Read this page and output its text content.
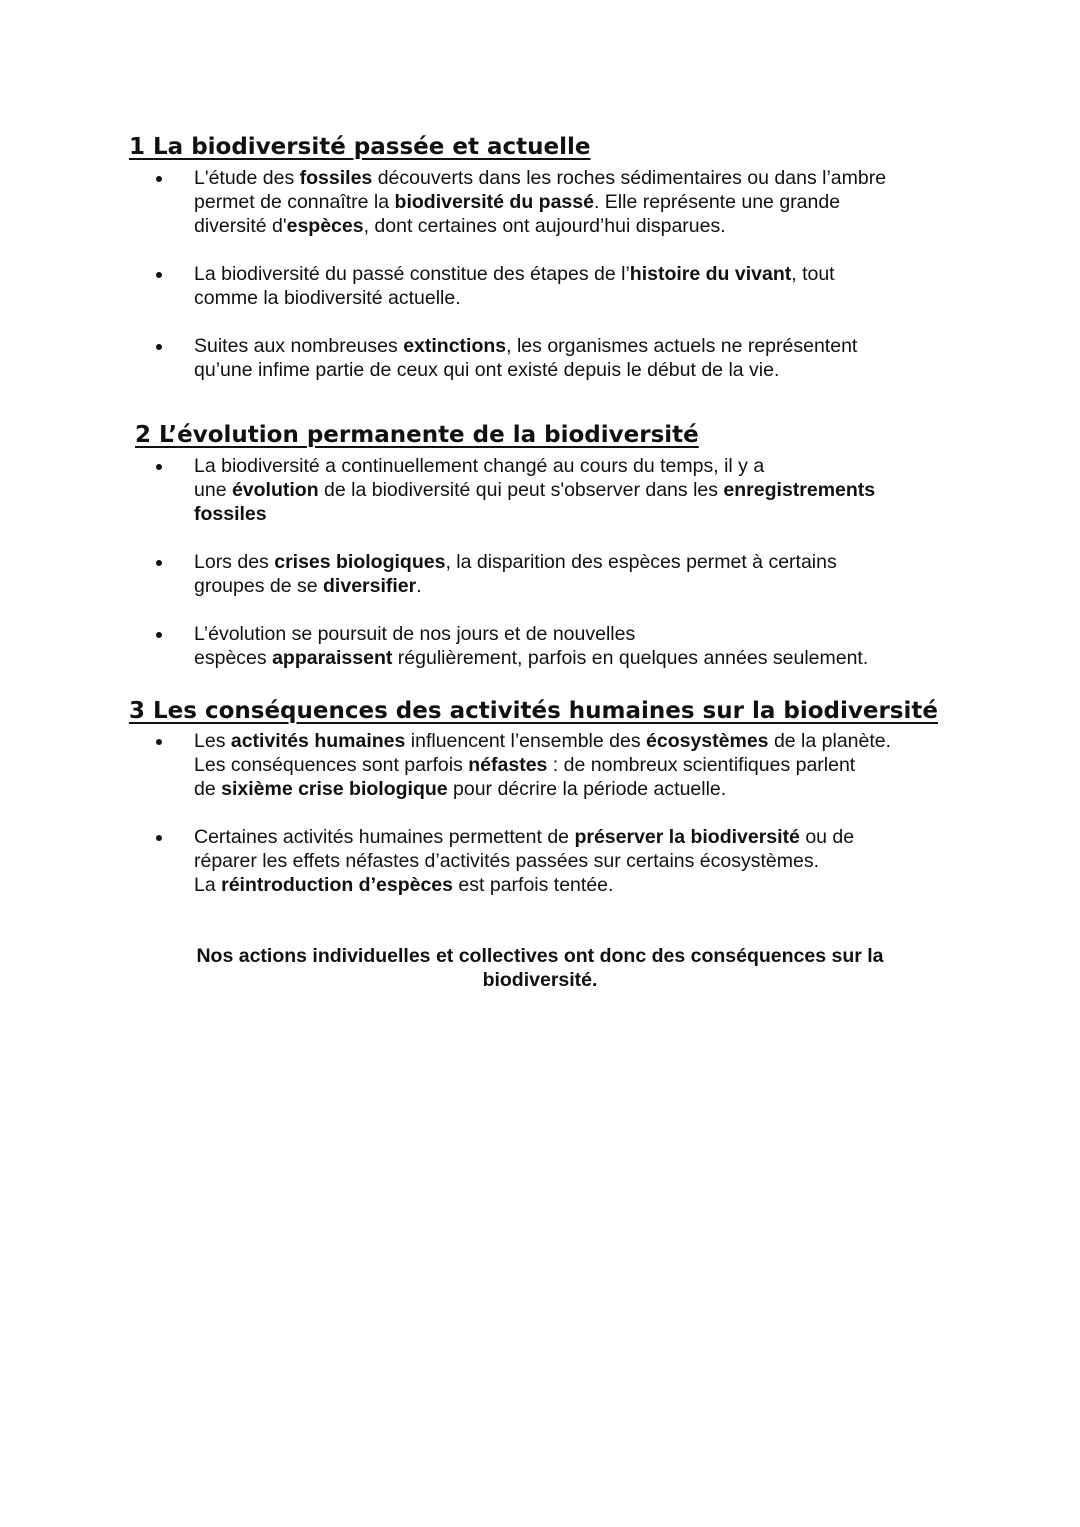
1 La biodiversité passée et actuelle
L'étude des fossiles découverts dans les roches sédimentaires ou dans l’ambre
permet de connaître la biodiversité du passé. Elle représente une grande
diversité d'espèces, dont certaines ont aujourd’hui disparues.
La biodiversité du passé constitue des étapes de l’histoire du vivant, tout
comme la biodiversité actuelle.
Suites aux nombreuses extinctions, les organismes actuels ne représentent
qu’une infime partie de ceux qui ont existé depuis le début de la vie.
2 L’évolution permanente de la biodiversité
La biodiversité a continuellement changé au cours du temps, il y a
une évolution de la biodiversité qui peut s'observer dans les enregistrements
fossiles
Lors des crises biologiques, la disparition des espèces permet à certains
groupes de se diversifier.
L’évolution se poursuit de nos jours et de nouvelles
espèces apparaissent régulièrement, parfois en quelques années seulement.
3 Les conséquences des activités humaines sur la biodiversité
Les activités humaines influencent l’ensemble des écosystèmes de la planète.
Les conséquences sont parfois néfastes : de nombreux scientifiques parlent
de sixième crise biologique pour décrire la période actuelle.
Certaines activités humaines permettent de préserver la biodiversité ou de
réparer les effets néfastes d’activités passées sur certains écosystèmes.
La réintroduction d’espèces est parfois tentée.
Nos actions individuelles et collectives ont donc des conséquences sur la
biodiversité.
